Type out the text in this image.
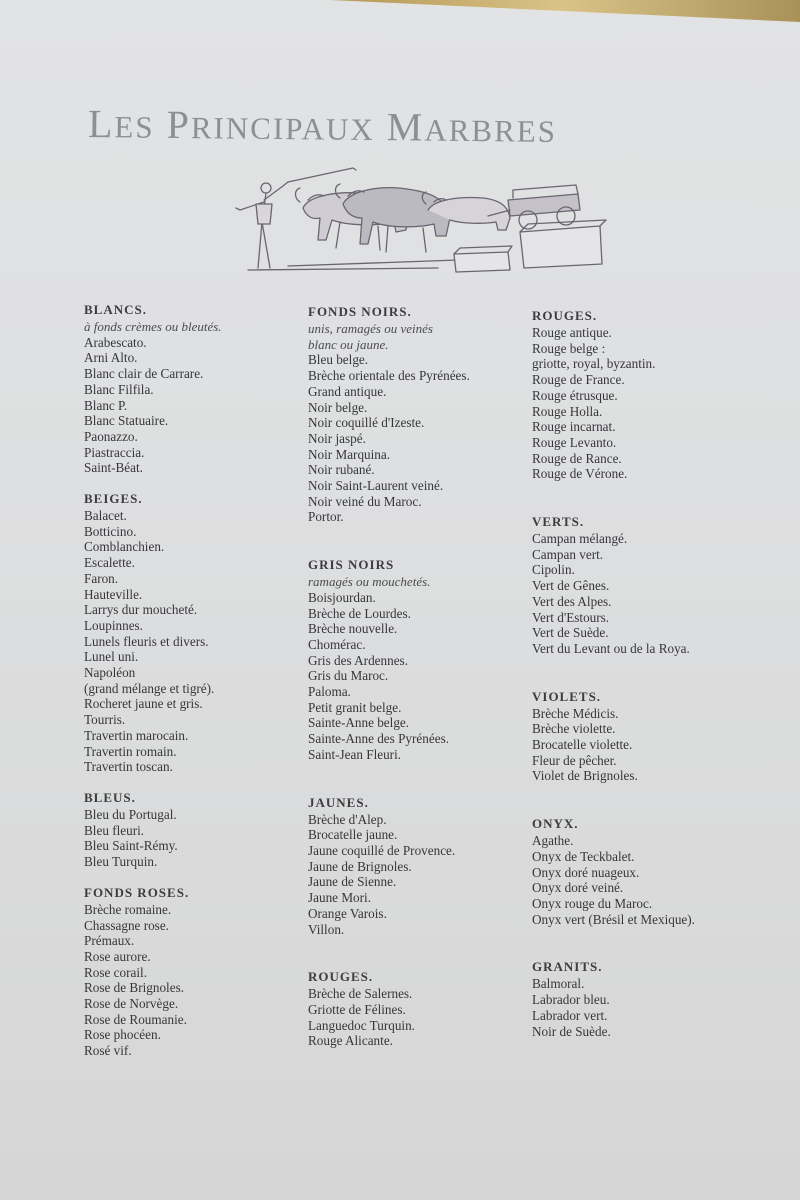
LES PRINCIPAUX MARBRES
BLANCS.
à fonds crèmes ou bleutés.
Arabescato.
Arni Alto.
Blanc clair de Carrare.
Blanc Filfila.
Blanc P.
Blanc Statuaire.
Paonazzo.
Piastraccia.
Saint-Béat.
BEIGES.
Balacet.
Botticino.
Comblanchien.
Escalette.
Faron.
Hauteville.
Larrys dur moucheté.
Loupinnes.
Lunels fleuris et divers.
Lunel uni.
Napoléon
(grand mélange et tigré).
Rocheret jaune et gris.
Tourris.
Travertin marocain.
Travertin romain.
Travertin toscan.
BLEUS.
Bleu du Portugal.
Bleu fleuri.
Bleu Saint-Rémy.
Bleu Turquin.
FONDS ROSES.
Brèche romaine.
Chassagne rose.
Prémaux.
Rose aurore.
Rose corail.
Rose de Brignoles.
Rose de Norvège.
Rose de Roumanie.
Rose phocéen.
Rosé vif.
FONDS NOIRS.
unis, ramagés ou veinés
blanc ou jaune.
Bleu belge.
Brèche orientale des Pyrénées.
Grand antique.
Noir belge.
Noir coquillé d'Izeste.
Noir jaspé.
Noir Marquina.
Noir rubané.
Noir Saint-Laurent veiné.
Noir veiné du Maroc.
Portor.
GRIS NOIRS
ramagés ou mouchetés.
Boisjourdan.
Brèche de Lourdes.
Brèche nouvelle.
Chomérac.
Gris des Ardennes.
Gris du Maroc.
Paloma.
Petit granit belge.
Sainte-Anne belge.
Sainte-Anne des Pyrénées.
Saint-Jean Fleuri.
JAUNES.
Brèche d'Alep.
Brocatelle jaune.
Jaune coquillé de Provence.
Jaune de Brignoles.
Jaune de Sienne.
Jaune Mori.
Orange Varois.
Villon.
ROUGES.
Brèche de Salernes.
Griotte de Félines.
Languedoc Turquin.
Rouge Alicante.
ROUGES.
Rouge antique.
Rouge belge :
griotte, royal, byzantin.
Rouge de France.
Rouge étrusque.
Rouge Holla.
Rouge incarnat.
Rouge Levanto.
Rouge de Rance.
Rouge de Vérone.
VERTS.
Campan mélangé.
Campan vert.
Cipolin.
Vert de Gênes.
Vert des Alpes.
Vert d'Estours.
Vert de Suède.
Vert du Levant ou de la Roya.
VIOLETS.
Brèche Médicis.
Brèche violette.
Brocatelle violette.
Fleur de pêcher.
Violet de Brignoles.
ONYX.
Agathe.
Onyx de Teckbalet.
Onyx doré nuageux.
Onyx doré veiné.
Onyx rouge du Maroc.
Onyx vert (Brésil et Mexique).
GRANITS.
Balmoral.
Labrador bleu.
Labrador vert.
Noir de Suède.
